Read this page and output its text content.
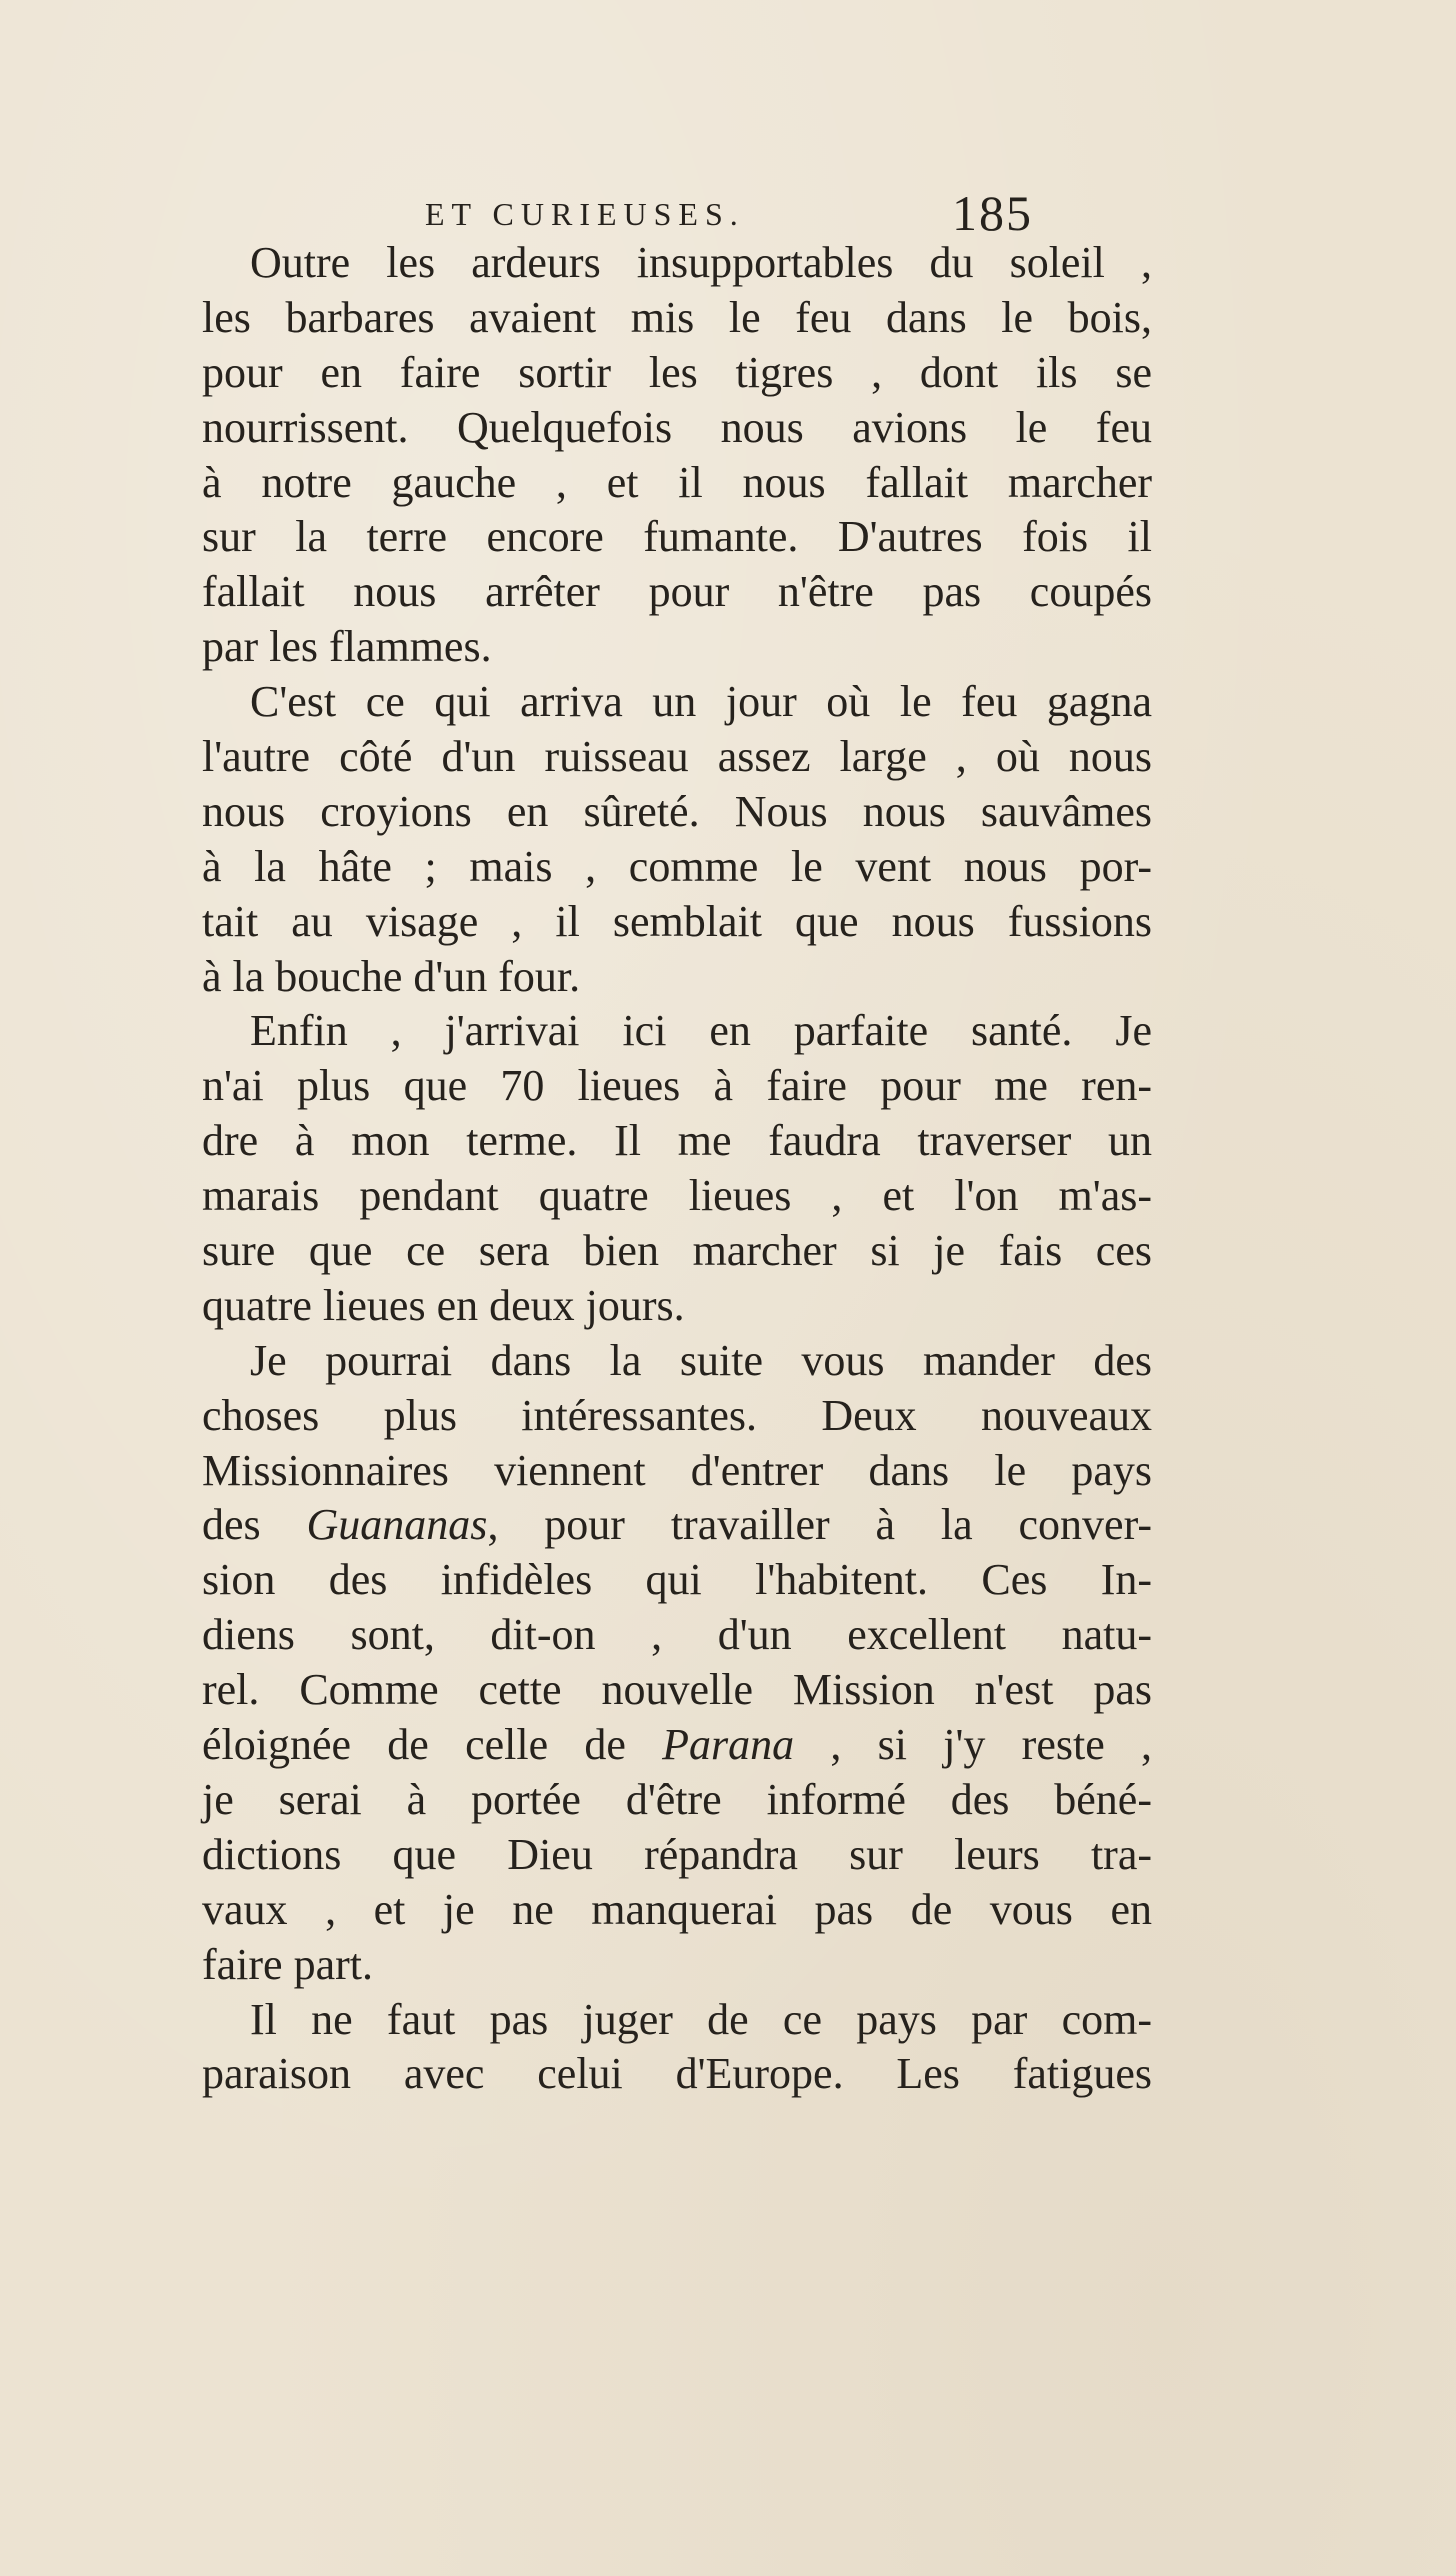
ET CURIEUSES.	185
Outre les ardeurs insupportables du soleil ,
les barbares avaient mis le feu dans le bois,
pour en faire sortir les tigres , dont ils se
nourrissent. Quelquefois nous avions le feu
à notre gauche , et il nous fallait marcher
sur la terre encore fumante. D'autres fois il
fallait nous arrêter pour n'être pas coupés
par les flammes.
C'est ce qui arriva un jour où le feu gagna
l'autre côté d'un ruisseau assez large , où nous
nous croyions en sûreté. Nous nous sauvâmes
à la hâte ; mais , comme le vent nous por-
tait au visage , il semblait que nous fussions
à la bouche d'un four.
Enfin , j'arrivai ici en parfaite santé. Je
n'ai plus que 70 lieues à faire pour me ren-
dre à mon terme. Il me faudra traverser un
marais pendant quatre lieues , et l'on m'as-
sure que ce sera bien marcher si je fais ces
quatre lieues en deux jours.
Je pourrai dans la suite vous mander des
choses plus intéressantes. Deux nouveaux
Missionnaires viennent d'entrer dans le pays
des Guananas, pour travailler à la conver-
sion des infidèles qui l'habitent. Ces In-
diens sont, dit-on , d'un excellent natu-
rel. Comme cette nouvelle Mission n'est pas
éloignée de celle de Parana , si j'y reste ,
je serai à portée d'être informé des béné-
dictions que Dieu répandra sur leurs tra-
vaux , et je ne manquerai pas de vous en
faire part.
Il ne faut pas juger de ce pays par com-
paraison avec celui d'Europe. Les fatigues
